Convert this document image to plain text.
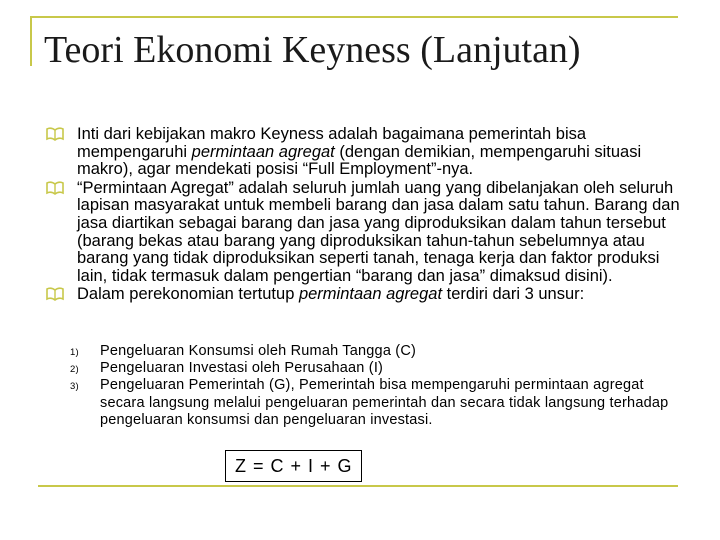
Teori Ekonomi Keyness (Lanjutan)
Inti dari kebijakan makro Keyness adalah bagaimana pemerintah bisa mempengaruhi permintaan agregat (dengan demikian, mempengaruhi situasi makro), agar mendekati posisi “Full Employment”-nya.
“Permintaan Agregat” adalah seluruh jumlah uang yang dibelanjakan oleh seluruh lapisan masyarakat untuk membeli barang dan jasa dalam satu tahun. Barang dan jasa diartikan sebagai barang dan jasa yang diproduksikan dalam tahun tersebut (barang bekas atau barang yang diproduksikan tahun-tahun sebelumnya atau barang yang tidak diproduksikan seperti tanah, tenaga kerja dan faktor produksi lain, tidak termasuk dalam pengertian “barang dan jasa” dimaksud disini).
Dalam perekonomian tertutup permintaan agregat terdiri dari 3 unsur:
1) Pengeluaran Konsumsi oleh Rumah Tangga (C)
2) Pengeluaran Investasi oleh Perusahaan (I)
3) Pengeluaran Pemerintah (G), Pemerintah bisa mempengaruhi permintaan agregat secara langsung melalui pengeluaran pemerintah dan secara tidak langsung terhadap pengeluaran konsumsi dan pengeluaran investasi.
Z = C + I + G
